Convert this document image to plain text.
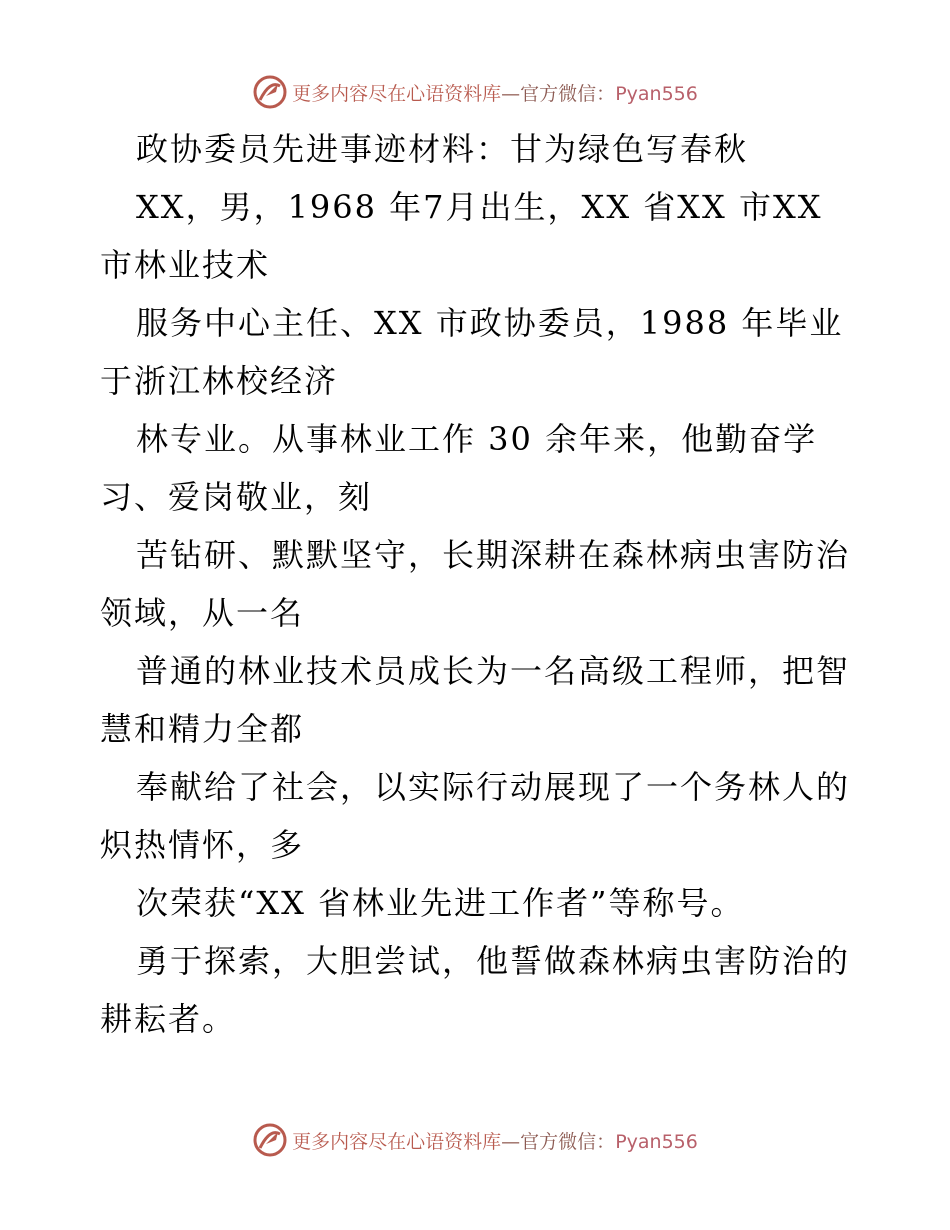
更多内容尽在心语资料库—官方微信：Pyan556

政协委员先进事迹材料：甘为绿色写春秋

XX，男，1968 年7月出生，XX 省XX 市XX 市林业技术

服务中心主任、XX 市政协委员，1988 年毕业于浙江林校经济

林专业。从事林业工作 30 余年来，他勤奋学习、爱岗敬业，刻

苦钻研、默默坚守，长期深耕在森林病虫害防治领域，从一名

普通的林业技术员成长为一名高级工程师，把智慧和精力全都

奉献给了社会，以实际行动展现了一个务林人的炽热情怀，多

次荣获“XX 省林业先进工作者”等称号。

勇于探索，大胆尝试，他誓做森林病虫害防治的耕耘者。

更多内容尽在心语资料库—官方微信：Pyan556
